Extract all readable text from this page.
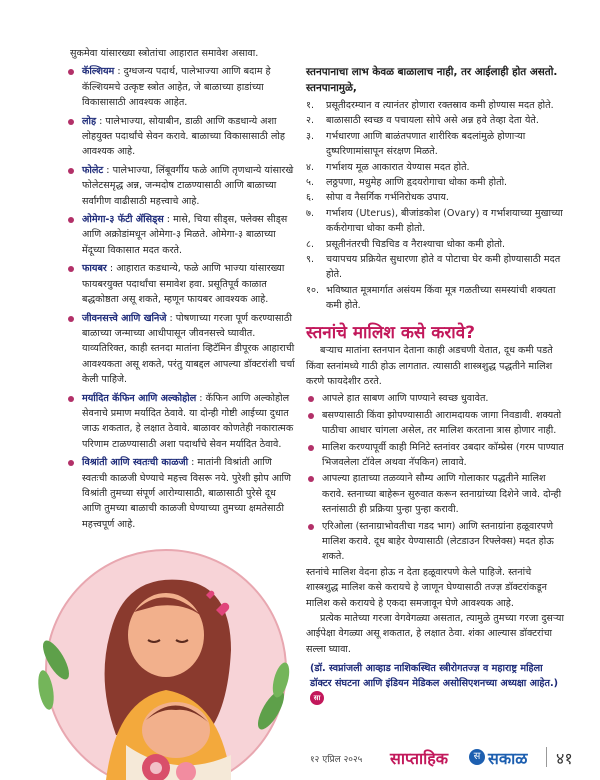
सुकमेवा यांसारख्या स्त्रोतांचा आहारात समावेश असावा.

कॅल्शियम : दुग्धजन्य पदार्थ, पालेभाज्या आणि बदाम हे कॅल्शियमचे उत्कृष्ट स्त्रोत आहेत, जे बाळाच्या हाडांच्या विकासासाठी आवश्यक आहेत.
लोह : पालेभाज्या, सोयाबीन, डाळी आणि कडधान्ये अशा लोहयुक्त पदार्थांचे सेवन करावे. बाळाच्या विकासासाठी लोह आवश्यक आहे.
फोलेट : पालेभाज्या, लिंबूवर्गीय फळे आणि तृणधान्ये यांसारखे फोलेटसमृद्ध अन्न, जन्मदोष टाळण्यासाठी आणि बाळाच्या सर्वांगीण वाढीसाठी महत्त्वाचे आहे.
ओमेगा-३ फॅटी ॲसिड्स : मासे, चिया सीड्स, फ्लेक्स सीड्स आणि अक्रोडांमधून ओमेगा-३ मिळते. ओमेगा-३ बाळाच्या मेंदूच्या विकासात मदत करते.
फायबर : आहारात कडधान्ये, फळे आणि भाज्या यांसारख्या फायबरयुक्त पदार्थांचा समावेश हवा. प्रसूतिपूर्व काळात बद्धकोष्ठता असू शकते, म्हणून फायबर आवश्यक आहे.
जीवनसत्त्वे आणि खनिजे : पोषणाच्या गरजा पूर्ण करण्यासाठी बाळाच्या जन्माच्या आधीपासून जीवनसत्त्वे घ्यावीत. याव्यतिरिक्त, काही स्तनदा मातांना व्हिटॅमिन डीपूरक आहाराची आवश्यकता असू शकते, परंतु याबद्दल आपल्या डॉक्टरांशी चर्चा केली पाहिजे.
मर्यादित कॅफिन आणि अल्कोहोल : कॅफिन आणि अल्कोहोल सेवनाचे प्रमाण मर्यादित ठेवावे. या दोन्ही गोष्टी आईच्या दुधात जाऊ शकतात, हे लक्षात ठेवावे. बाळावर कोणतेही नकारात्मक परिणाम टाळण्यासाठी अशा पदार्थांचे सेवन मर्यादित ठेवावे.
विश्रांती आणि स्वतःची काळजी : मातांनी विश्रांती आणि स्वतःची काळजी घेण्याचे महत्त्व विसरू नये. पुरेशी झोप आणि विश्रांती तुमच्या संपूर्ण आरोग्यासाठी, बाळासाठी पुरेसे दूध आणि तुमच्या बाळाची काळजी घेण्याच्या तुमच्या क्षमतेसाठी महत्त्वपूर्ण आहे.

स्तनपानाचा लाभ केवळ बाळालाच नाही, तर आईलाही होत असतो. स्तनपानामुळे,

१. प्रसूतीदरम्यान व त्यानंतर होणारा रक्तस्राव कमी होण्यास मदत होते.
२. बाळासाठी स्वच्छ व पचायला सोपे असे अन्न हवे तेव्हा देता येते.
३. गर्भधारणा आणि बाळंतपणात शारीरिक बदलांमुळे होणाऱ्या दुष्परिणामांसापून संरक्षण मिळते.
४. गर्भाशय मूळ आकारात येण्यास मदत होते.
५. लठ्ठपणा, मधुमेह आणि हृदयरोगाचा धोका कमी होतो.
६. सोपा व नैसर्गिक गर्भनिरोधक उपाय.
७. गर्भाशय (Uterus), बीजांडकोश (Ovary) व गर्भाशयाच्या मुखाच्या कर्करोगाचा धोका कमी होतो.
८. प्रसूतीनंतरची चिडचिड व नैराश्याचा धोका कमी होतो.
९. चयापचय प्रक्रियेत सुधारणा होते व पोटाचा घेर कमी होण्यासाठी मदत होते.
१०. भविष्यात मूत्रमार्गात असंयम किंवा मूत्र गळतीच्या समस्यांची शक्यता कमी होते.
स्तनांचे मालिश कसे करावे?

बऱ्याच मातांना स्तनपान देताना काही अडचणी येतात, दूध कमी पडते किंवा स्तनांमध्ये गाठी होऊ लागतात. त्यासाठी शास्त्रशुद्ध पद्धतीने मालिश करणे फायदेशीर ठरते.

आपले हात साबण आणि पाण्याने स्वच्छ धुवावेत.
बसण्यासाठी किंवा झोपण्यासाठी आरामदायक जागा निवडावी. शक्यतो पाठीचा आधार चांगला असेल, तर मालिश करताना त्रास होणार नाही.
मालिश करण्यापूर्वी काही मिनिटे स्तनांवर उबदार कॉम्प्रेस (गरम पाण्यात भिजवलेला टॉवेल अथवा नॅपकिन) लावावे.
आपल्या हाताच्या तळव्याने सौम्य आणि गोलाकार पद्धतीने मालिश करावे. स्तनाच्या बाहेरून सुरुवात करून स्तनाग्रांच्या दिशेने जावे. दोन्ही स्तनांसाठी ही प्रक्रिया पुन्हा पुन्हा करावी.
एरिओला (स्तनाग्राभोवतीचा गडद भाग) आणि स्तनाग्रांना हळूवारपणे मालिश करावे. दूध बाहेर येण्यासाठी (लेटडाउन रिफ्लेक्स) मदत होऊ शकते.

स्तनांचे मालिश वेदना होऊ न देता हळूवारपणे केले पाहिजे. स्तनांचे शास्त्रशुद्ध मालिश कसे करायचे हे जाणून घेण्यासाठी तज्ज्ञ डॉक्टरांकडून मालिश कसे करायचे हे एकदा समजावून घेणे आवश्यक आहे.

प्रत्येक मातेच्या गरजा वेगवेगळ्या असतात, त्यामुळे तुमच्या गरजा दुसऱ्या आईपेक्षा वेगळ्या असू शकतात, हे लक्षात ठेवा. शंका आल्यास डॉक्टरांचा सल्ला घ्यावा.

(डॉ. स्वप्नांजली आव्हाड नाशिकस्थित स्त्रीरोगतज्ज्ञ व महाराष्ट्र महिला डॉक्टर संघटना आणि इंडियन मेडिकल असोसिएशनच्या अध्यक्षा आहेत.) सा

१२ एप्रिल २०२५ साप्ताहिक	स सकाळ ४१
